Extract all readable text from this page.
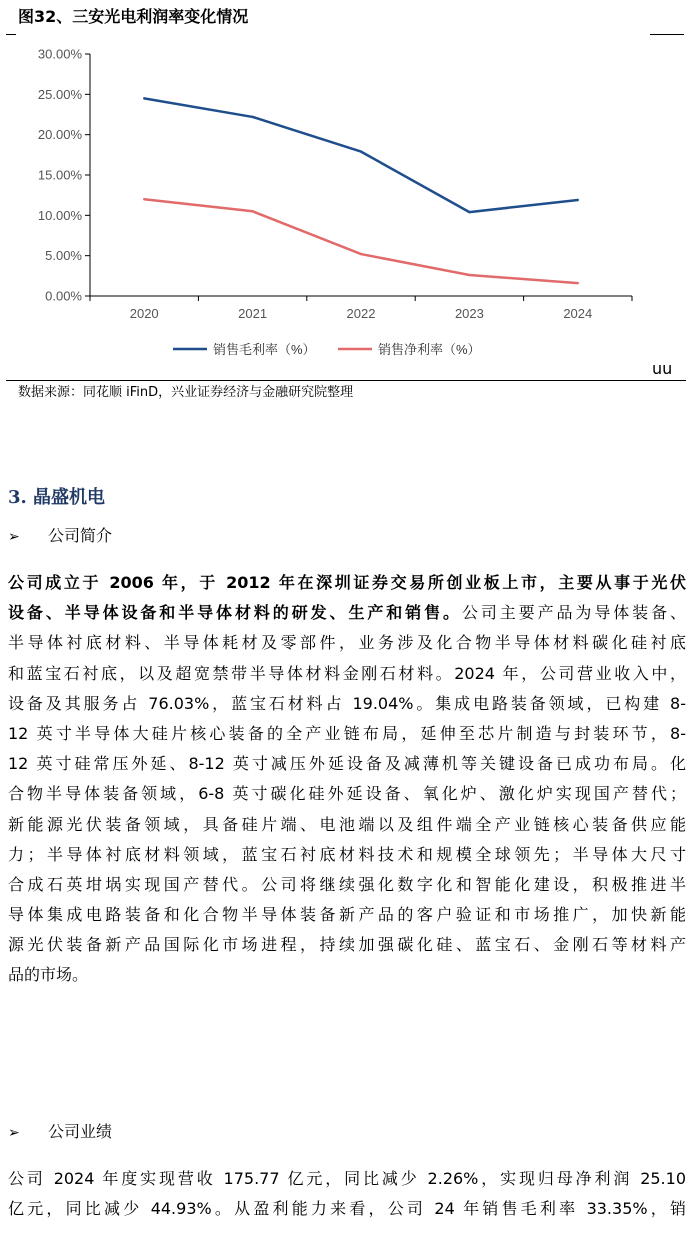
图32、三安光电利润率变化情况
0.00%
5.00%
10.00%
15.00%
20.00%
25.00%
30.00%
2020	2021	2022	2023	2024
销售毛利率（%）	销售净利率（%）
uu
数据来源：同花顺 iFinD，兴业证券经济与金融研究院整理
3. 晶盛机电
➢ 公司简介
公司成立于 2006 年，于 2012 年在深圳证券交易所创业板上市，主要从事于光伏
设备、半导体设备和半导体材料的研发、生产和销售。公司主要产品为导体装备、
半导体衬底材料、半导体耗材及零部件，业务涉及化合物半导体材料碳化硅衬底
和蓝宝石衬底，以及超宽禁带半导体材料金刚石材料。2024 年，公司营业收入中，
设备及其服务占 76.03%，蓝宝石材料占 19.04%。集成电路装备领域，已构建 8-
12 英寸半导体大硅片核心装备的全产业链布局，延伸至芯片制造与封装环节，8-
12 英寸硅常压外延、8-12 英寸减压外延设备及减薄机等关键设备已成功布局。化
合物半导体装备领域，6-8 英寸碳化硅外延设备、氧化炉、激化炉实现国产替代；
新能源光伏装备领域，具备硅片端、电池端以及组件端全产业链核心装备供应能
力；半导体衬底材料领域，蓝宝石衬底材料技术和规模全球领先；半导体大尺寸
合成石英坩埚实现国产替代。公司将继续强化数字化和智能化建设，积极推进半
导体集成电路装备和化合物半导体装备新产品的客户验证和市场推广，加快新能
源光伏装备新产品国际化市场进程，持续加强碳化硅、蓝宝石、金刚石等材料产
品的市场。
➢ 公司业绩
公司 2024 年度实现营收 175.77 亿元，同比减少 2.26%，实现归母净利润 25.10
亿元，同比减少 44.93%。从盈利能力来看，公司 24 年销售毛利率 33.35%，销
